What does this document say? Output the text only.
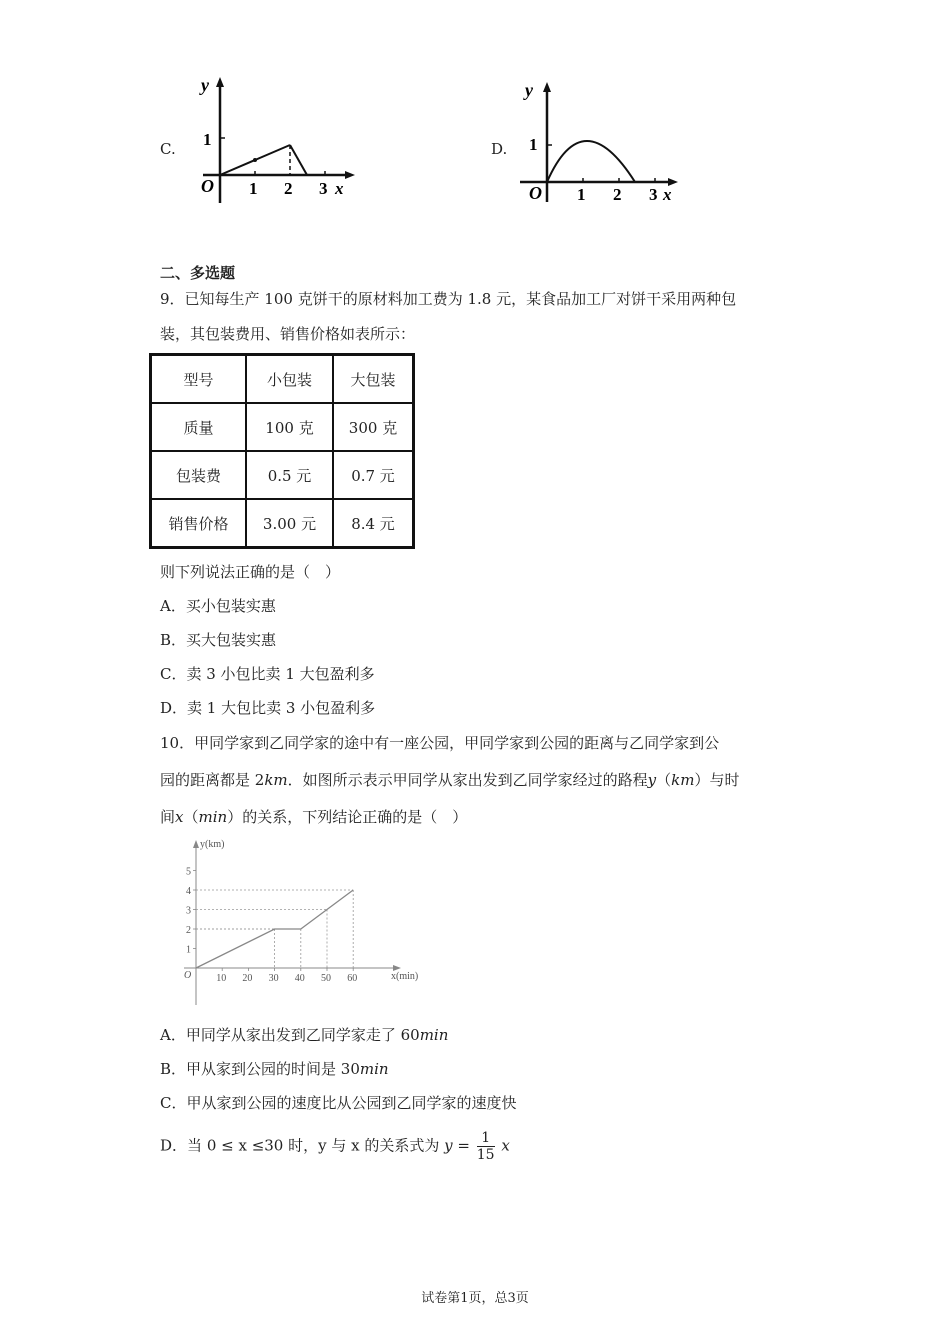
C.
y
1
O 1 2 3 x
D.
y
1
O 1 2 3 x
二、多选题
9．已知每生产 100 克饼干的原材料加工费为 1.8 元，某食品加工厂对饼干采用两种包
装，其包装费用、销售价格如表所示：
型号	小包装	大包装
质量	100 克	300 克
包装费	0.5 元	0.7 元
销售价格	3.00 元	8.4 元
则下列说法正确的是（　）
A．买小包装实惠
B．买大包装实惠
C．卖 3 小包比卖 1 大包盈利多
D．卖 1 大包比卖 3 小包盈利多
10．甲同学家到乙同学家的途中有一座公园，甲同学家到公园的距离与乙同学家到公
园的距离都是 2km．如图所示表示甲同学从家出发到乙同学家经过的路程y（km）与时
间x（min）的关系，下列结论正确的是（　）
1
2
3
4
5
10 20 30 40 50 60
y(km)
x(min)
O
A．甲同学从家出发到乙同学家走了 60min
B．甲从家到公园的时间是 30min
C．甲从家到公园的速度比从公园到乙同学家的速度快
D．当 0 ≤ x ≤30 时，y 与 x 的关系式为 $y = \frac{1}{15}$ x
试卷第1页，总3页
